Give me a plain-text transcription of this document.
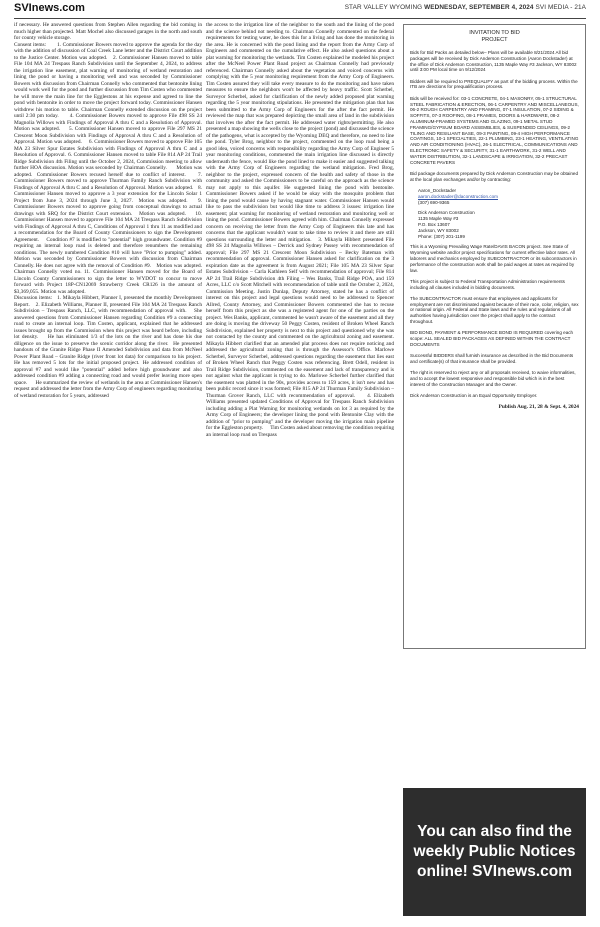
SVInews.com	STAR VALLEY WYOMING WEDNESDAY, SEPTEMBER 4, 2024 SVI MEDIA - 21A
if necessary. He answered questions from Stephen Allen regarding the bid coming in much higher than projected. Matt Mochel also discussed garages in the north and south for county vehicle storage.
Consent items:	1. Commissioner Bowers moved to approve the agenda for the day with the addition of discussion of Coal Creek Lane letter and the District Court addition to the Justice Center. Motion was adopted.	2. Commissioner Hansen moved to table File 104 MA 24 Trespass Ranch Subdivision until the September 4, 2024, to address the irrigation line easement, plat warning of monitoring of wetland restoration and lining the pond or having a monitoring well and was seconded by Commissioner Bowers with discussion from Chairman Connelly who commented that bentonite lining would work well for the pond and further discussion from Tim Costen who commented he will move the main line for the Egglestons at his expense and agreed to line the pond with bentonite in order to move the project forward today. Commissioner Hansen withdrew his motion to table. Chairman Connelly extended discussion on the project until 2:30 pm today.	4. Commissioner Bowers moved to approve File 498 SS 24 Magnolia Willows with Findings of Approval A thru C and a Resolution of Approval. Motion was adopted.	5. Commissioner Hansen moved to approve File 297 MS 21 Crescent Moon Subdivision with Findings of Approval A thru C and a Resolution of Approval. Motion was adopted.	6. Commissioner Bowers moved to approve File 105 MA 23 Silver Spur Estates Subdivision with Findings of Approval A thru C and a Resolution of Approval.	6. Commissioner Hansen moved to table File 814 AP 24 Trail Ridge Subdivision 4th Filing until the October 2, 2024, Commission meeting to allow further HOA discussion. Motion was seconded by Chairman Connelly.	Motion was adopted.	Commissioner Bowers recused herself due to conflict of interest.	7. Commissioner Bowers moved to approve Thurman Family Ranch Subdivision with Findings of Approval A thru C and a Resolution of Approval. Motion was adopted.	8. Commissioner Hansen moved to approve a 3 year extension for the Lincoln Solar 1 Project from June 3, 2024 through June 3, 2027.	Motion was adopted.	9. Commissioner Bowers moved to approve going from conceptual drawings to actual drawings with SRQ for the District Court extension.	Motion was adopted.	10. Commissioner Hansen moved to approve File 104 MA 24 Trespass Ranch Subdivision with Findings of Approval A thru C, Conditions of Approval 1 thru 11 as modified and a recommendation for the Board of County Commissioners to sign the Development Agreement.	Condition #7 is modified to "potential" high groundwater. Condition #9 requiring an internal loop road is deleted and therefore renumbers the remaining conditions. The newly numbered Condition #10 will have "Prior to pumping" added. Motion was seconded by Commissioner Bowers with discussion from Chairman Connelly.	He does not agree with the removal of Condition #9.	Motion was adopted.	Chairman Connelly voted no.	11. Commissioner Hansen moved for the Board of Lincoln County Commissioners to sign the letter to WYDOT to concur to move forward with Project 18P-CN12069 Strawberry Creek CR126 in the amount of $3,369,055. Motion was adopted.
Discussion items:	1. Mikayla Hibbert, Planner I, presented the monthly Development Report.	2. Elizabeth Williams, Planner II, presented File 104 MA 24 Trespass Ranch Subdivision – Trespass Ranch, LLC, with recommendation of approval with.	She answered questions from Commissioner Hansen regarding Condition #9 a connecting road to create an internal loop. Tim Costen, applicant, explained that he addressed issues brought up from the Commission when this project was heard before, including lot density.	He has eliminated 1/3 of the lots on the river and has done his due diligence on the issue to preserve the scenic corridor along the river.	He presented handouts of the Granite Ridge Phase II Amended Subdivision and data from McNeel Power Plant Road – Granite Ridge (river front lot data) for comparison to his project.	He has removed 5 lots for the initial proposed project.	He addressed condition of approval #7 and would like "potential" added before high groundwater and also addressed condition #9 adding a connecting road and would prefer leaving more open space.	He summarized the review of wetlands in the area at Commissioner Hansen's request and addressed the letter from the Army Corp of engineers regarding monitoring of wetland restoration for 5 years, addressed
the access to the irrigation line of the neighbor to the south and the lining of the pond and the science behind not needing to. Chairman Connelly commented on the federal requirements for testing water, he does this for a living and has done the monitoring in the area. He is concerned with the pond lining and the report from the Army Corp of Engineers and commented on the cumulative effect. He also asked questions about a plat warning for monitoring the wetlands. Tim Costen explained he modeled his project after the McNeel Power Plant Road project as Chairman Connelly had previously referenced. Chairman Connelly asked about the vegetation and voiced concerns with complying with the 5 year monitoring requirement from the Army Corp of Engineers. Tim Costen assured they will take every measure to do the monitoring and have taken measures to ensure the neighbors won't be affected by heavy traffic. Scott Scherbel, Surveyor Scherbel, asked for clarification of the newly added proposed plat warning regarding the 5 year monitoring stipulations. He presented the mitigation plan that has been submitted to the Army Corp of Engineers for the after the fact permit. He reviewed the map that was prepared depicting the small area of land in the subdivision that involves the after the fact permit. He addressed water rights/permitting. He also presented a map showing the wells close to the project (pond) and discussed the science of the pathogens, what is accepted by the Wyoming DEQ and therefore, no need to line the pond. Tyler Brog, neighbor to the project, commented on the loop road being a good idea, voiced concerns with responsibility regarding the Army Corp of Engineer 5 year monitoring conditions, commented the main irrigation line discussed is directly underneath the fence, would like the pond lined to make it easier and suggested talking with the Army Corp of Engineers regarding the wetland mitigation. Fred Brog, neighbor to the project, expressed concern of the health and safety of those in the community and asked the Commissioners to be careful on the approach as the science may not apply to this aquifer. He suggested lining the pond with bentonite. Commissioner Bowers asked if he would be okay with the mosquito problem that lining the pond would cause by having stagnant water. Commissioner Hansen would like to pass the subdivision but would like time to address 3 issues: irrigation line easement; plat warning for monitoring of wetland restoration and monitoring well or lining the pond. Commissioner Bowers agreed with him. Chairman Connelly expressed concern on receiving the letter from the Army Corp of Engineers this late and has concerns that the applicant wouldn't want to take time to review it and there are still questions surrounding the letter and mitigation.	3. Mikayla Hibbert presented File 498 SS 24 Magnolia Willows – Derrick and Sydney Passey with recommendation of approval; File 297 MS 21 Crescent Moon Subdivision – Becky Bateman with recommendation of approval. Commissioner Hansen asked for clarification on the 3 expiration date as the agreement is from August 2021; File 105 MA 23 Silver Spur Estates Subdivision – Carla Kathleen Self with recommendation of approval; File 814 AP 24 Trail Ridge Subdivision 4th Filing – Wes Banks, Trail Ridge POA, and 159 Acres, LLC c/o Scott Mitchell with recommendation of table until the October 2, 2024, Commission Meeting. Justin Dunlap, Deputy Attorney, stated he has a conflict of interest on this project and legal questions would need to be addressed to Spencer Allred, County Attorney, and Commissioner Bowers commented she has to recuse herself from this project as she was a registered agent for one of the parties on the project. Wes Banks, applicant, commented he wasn't aware of the easement and all they are doing is moving the driveway 50 Peggy Costen, resident of Broken Wheel Ranch Subdivision, explained her property is next to this project and questioned why she was not contacted by the county and commented on the agricultural zoning and easement. Mikayla Hibbert clarified that an amended plat process does not require noticing and addressed the agricultural zoning that is through the Assessor's Office. Marlowe Scherbel, Surveyor Scherbel, addressed questions regarding the easement that lies east of Broken Wheel Ranch that Peggy Costen was referencing. Brett Odell, resident in Trail Ridge Subdivision, commented on the easement and lack of transparency and is not against what the applicant is trying to do. Marlowe Scherbel further clarified that the easement was platted in the 90s, provides access to 159 acres, it isn't new and has been public record since it was formed; File 815 AP 24 Thurman Family Subdivision – Thurman Grover Ranch, LLC with recommendation of approval.	4. Elizabeth Williams presented updated Conditions of Approval for Trespass Ranch Subdivision including adding a Plat Warning for monitoring wetlands on lot 3 as required by the Army Corp of Engineers; the developer lining the pond with Bentonite Clay with the addition of "prior to pumping" and the developer moving the irrigation main pipeline for the Eggleston property.	Tim Costen asked about removing the condition requiring an internal loop road on Trespass
INVITATION TO BID
PROJECT

Bids for Bid Packs as detailed below– Plans will be available 8/21/2024 All bid packages will be received by Dick Anderson Construction (Aaron Dockstader) at the office of Dick Anderson Construction, 1135 Maple Way #3 Jackson, WY 83002 until 3:00 PM local time on 9/12/2024

Bidders will be required to PREQUALIFY as part of the bidding process. Within the ITB are directions for prequalification process.

Bids will be received for:	03-1 CONCRETE, 04-1 MASONRY, 05-1 STRUCTURAL STEEL FABRICATION & ERECTION, 06-1 CARPENTRY AND MISCELLANEOUS, 06-2 ROUGH CARPENTRY AND FRAMING, 07-1 INSULATION, 07-2 SIDING & SOFFITS, 07-3 ROOFING, 08-1 FRAMES, DOORS & HARDWARE, 08-2 ALUMINUM-FRAMED SYSTEMS AND GLAZING, 09-1 METAL STUD FRAMING/GYPSUM BOARD ASSEMBLIES, & SUSPENDED CEILINGS, 09-2 TILING AND RESILIANT BASE, 09-3 PAINTING, 09-4 HIGH PERFORMANCE COATINGS, 10-1 SPECIALTIES, 22-1 PLUMBING, 23-1 HEATING, VENTILATING AND AIR CONDITIONING (HVAC), 26-1 ELECTRICAL, COMMUNICATIONS AND ELECTRONIC SAFETY & SECURITY, 31-1 EARTHWORK, 31-2 WELL AND WATER DISTRIBUTION, 32-1 LANDSCAPE & IRRIGATION, 32-2 PRECAST CONCRETE PAVERS

Bid package documents prepared by Dick Anderson Construction may be obtained at the local plan exchanges and/or by contracting:

Aaron_Dockstader
aaron.dockstader@daconstruction.com
(307) 690-9365
Dick Anderson Construction
1135 Maple Way #3
P.O. Box 13607
Jackson, WY 83002
Phone: (307) 201-1199

This is a Wyoming Prevailing Wage Rate/DAVIS BACON project. See State of Wyoming website and/or project specifications for current effective labor rates. All laborers and mechanics employed by SUBCONTRACTOR or its subcontractors in performance of the construction work shall be paid wages at rates as required by law.

This project is subject to Federal Transportation Administration requirements including all clauses included in bidding documents.

The SUBCONTRACTOR must ensure that employees and applicants for employment are not discriminated against because of their race, color, religion, sex or national origin. All Federal and State laws and the rules and regulations of all authorities having jurisdiction over the project shall apply to the contract throughout.

BID BOND, PAYMENT & PERFORMANCE BOND IS REQUIRED covering each scope: ALL SEALED BID PACKAGES AS DEFINED WITHIN THE CONTRACT DOCUMENTS

Successful BIDDERS shall furnish insurance as described in the Bid Documents and certificate(s) of that insurance shall be provided.

The right is reserved to reject any or all proposals received, to waive informalities, and to accept the lowest responsive and responsible bid which is in the best interest of the Construction Manager and the Owner.

Dick Anderson Construction is an Equal Opportunity Employer.

Publish Aug. 21, 28 & Sept. 4, 2024
You can also find the weekly Public Notices online! SVInews.com
